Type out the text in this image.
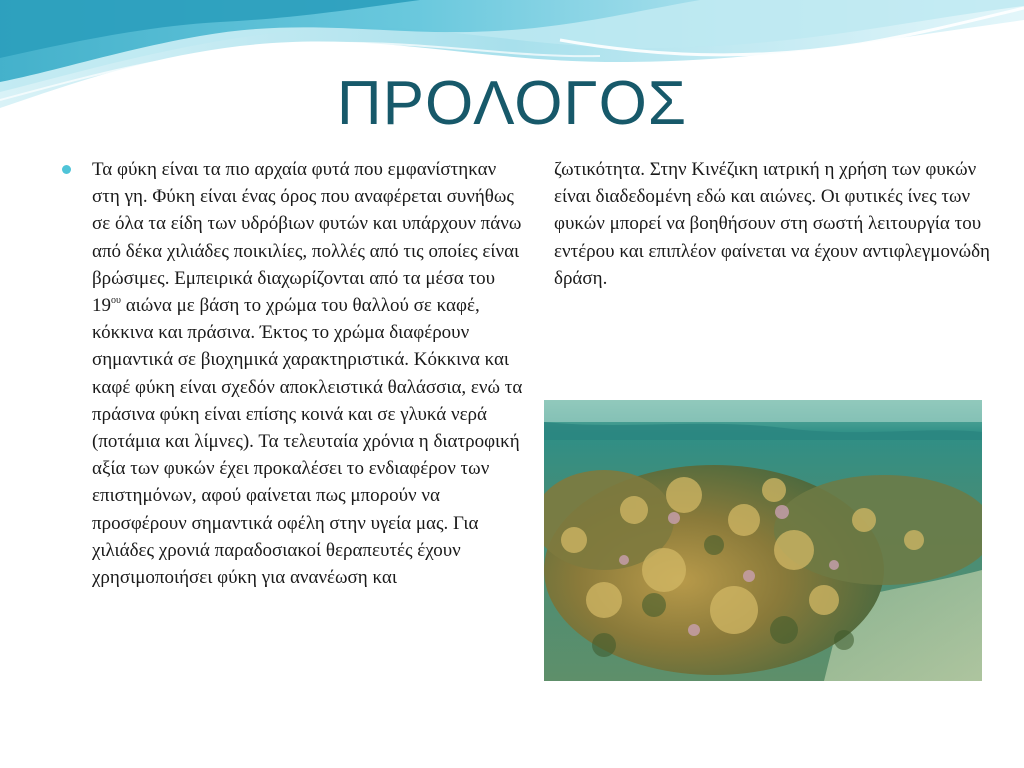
ΠΡΟΛΟΓΟΣ

Τα φύκη είναι τα πιο αρχαία φυτά που εμφανίστηκαν στη γη. Φύκη είναι ένας όρος που αναφέρεται συνήθως σε όλα τα είδη των υδρόβιων φυτών και υπάρχουν πάνω από δέκα χιλιάδες ποικιλίες, πολλές από τις οποίες είναι βρώσιμες. Εμπειρικά διαχωρίζονται από τα μέσα του $19^{o\upsilon}$ αιώνα με βάση το χρώμα του θαλλού σε καφέ, κόκκινα και πράσινα. Έκτος το χρώμα διαφέρουν σημαντικά σε βιοχημικά χαρακτηριστικά. Κόκκινα και καφέ φύκη είναι σχεδόν αποκλειστικά θαλάσσια, ενώ τα πράσινα φύκη είναι επίσης κοινά και σε γλυκά νερά (ποτάμια και λίμνες). Τα τελευταία χρόνια η διατροφική αξία των φυκών έχει προκαλέσει το ενδιαφέρον των επιστημόνων, αφού φαίνεται πως μπορούν να προσφέρουν σημαντικά οφέλη στην υγεία μας. Για χιλιάδες χρονιά παραδοσιακοί θεραπευτές έχουν χρησιμοποιήσει φύκη για ανανέωση και

ζωτικότητα. Στην Κινέζικη ιατρική η χρήση των φυκών είναι διαδεδομένη εδώ και αιώνες. Οι φυτικές ίνες των φυκών μπορεί να βοηθήσουν στη σωστή λειτουργία του εντέρου και επιπλέον φαίνεται να έχουν αντιφλεγμονώδη δράση.
